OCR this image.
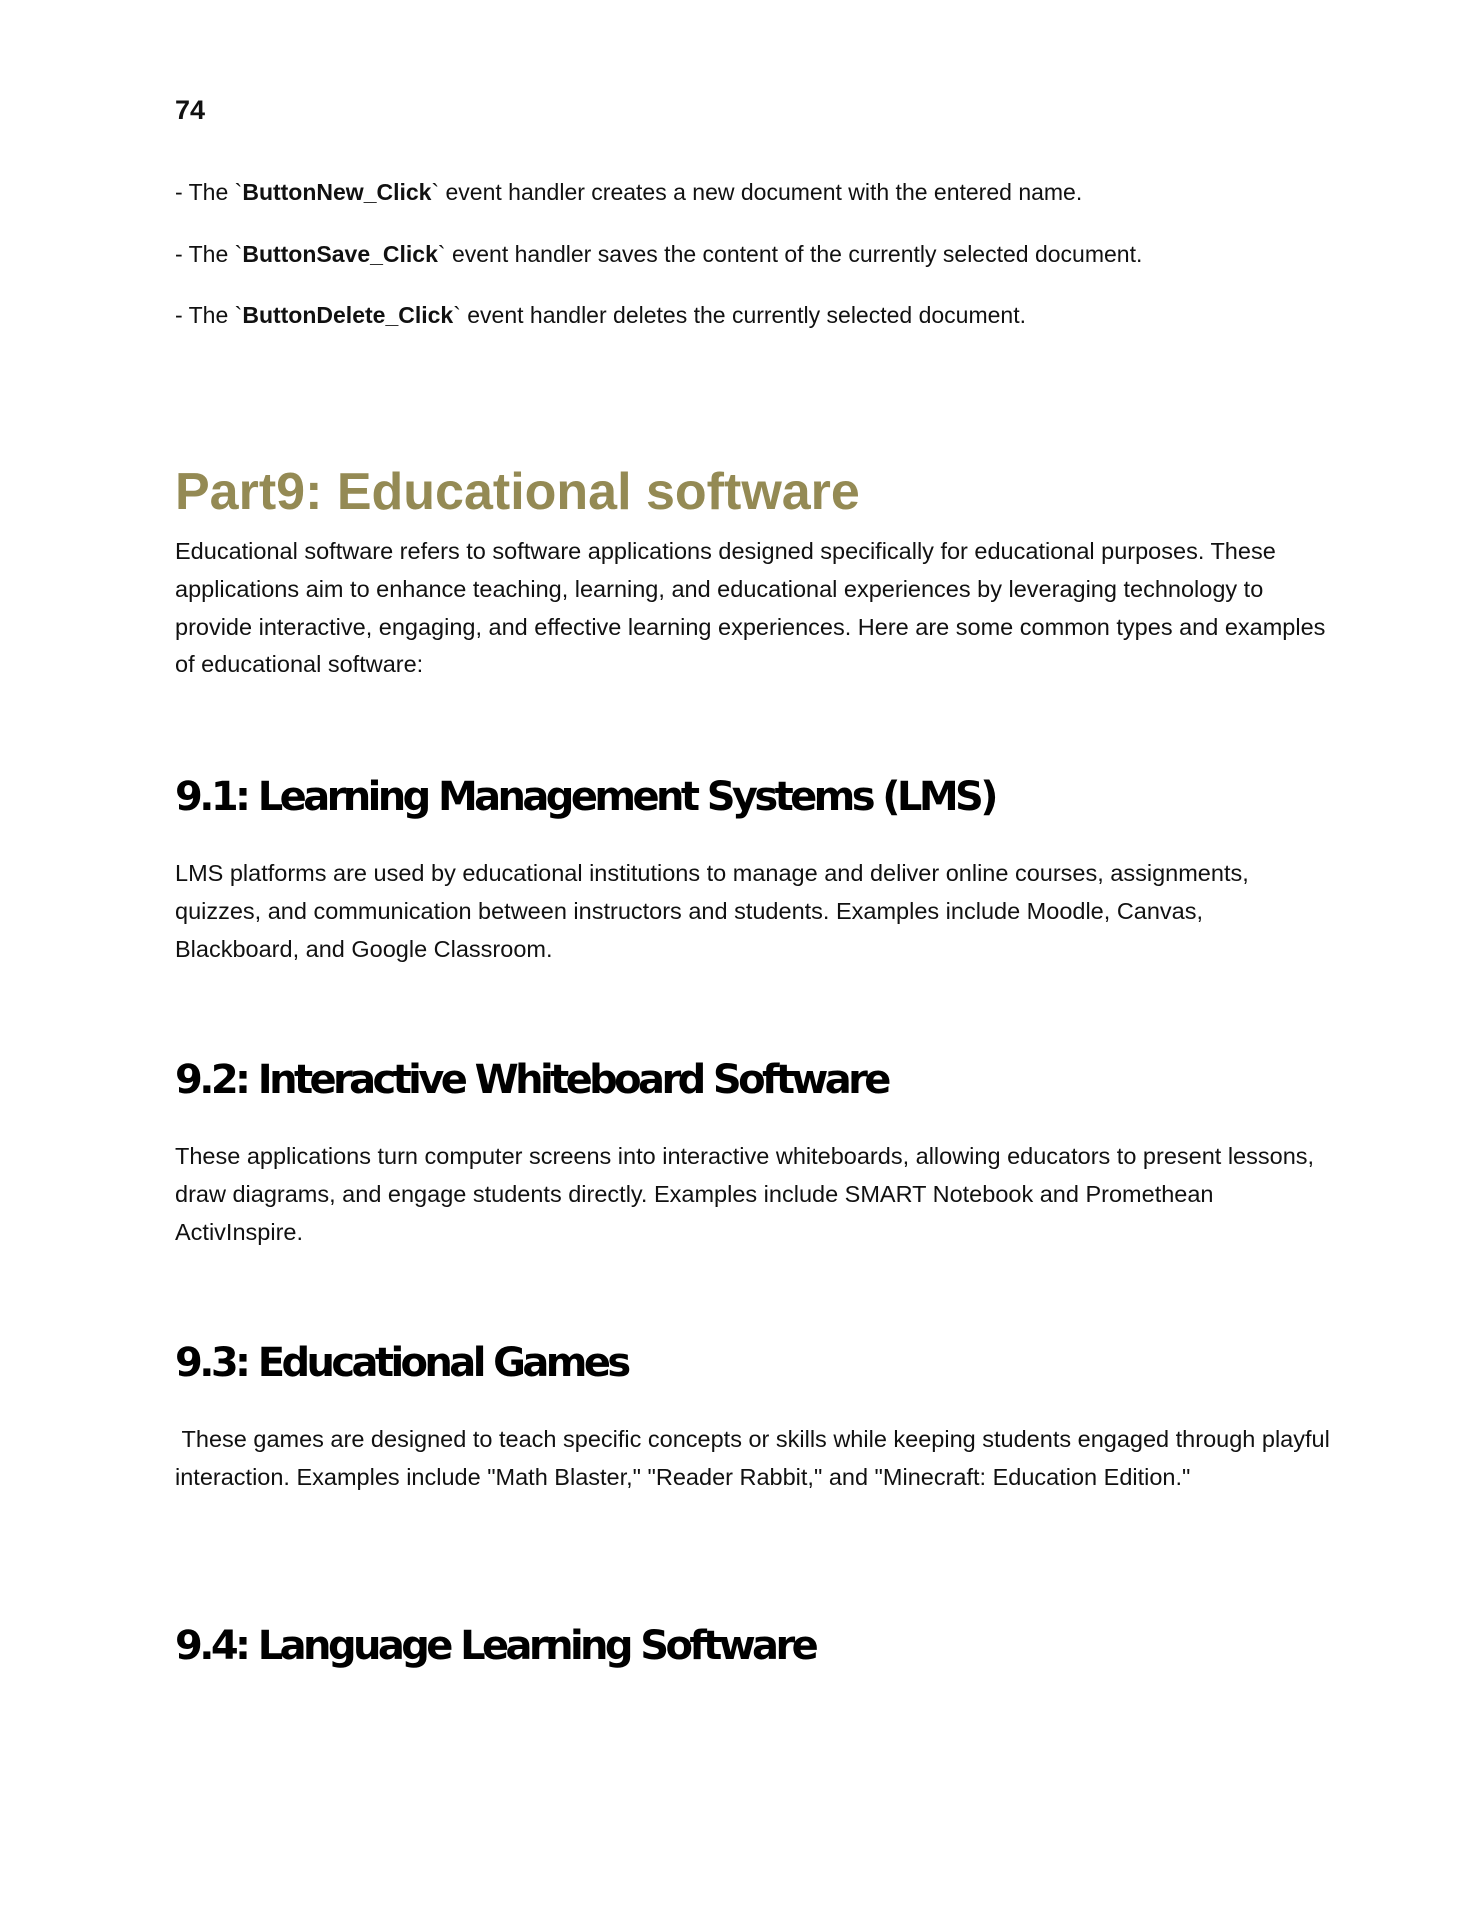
74

- The `ButtonNew_Click` event handler creates a new document with the entered name.

- The `ButtonSave_Click` event handler saves the content of the currently selected document.

- The `ButtonDelete_Click` event handler deletes the currently selected document.

Part9: Educational software

Educational software refers to software applications designed specifically for educational purposes. These applications aim to enhance teaching, learning, and educational experiences by leveraging technology to provide interactive, engaging, and effective learning experiences. Here are some common types and examples of educational software:

9.1: Learning Management Systems (LMS)

LMS platforms are used by educational institutions to manage and deliver online courses, assignments, quizzes, and communication between instructors and students. Examples include Moodle, Canvas, Blackboard, and Google Classroom.

9.2: Interactive Whiteboard Software

These applications turn computer screens into interactive whiteboards, allowing educators to present lessons, draw diagrams, and engage students directly. Examples include SMART Notebook and Promethean ActivInspire.

9.3: Educational Games

These games are designed to teach specific concepts or skills while keeping students engaged through playful interaction. Examples include "Math Blaster," "Reader Rabbit," and "Minecraft: Education Edition."

9.4: Language Learning Software
